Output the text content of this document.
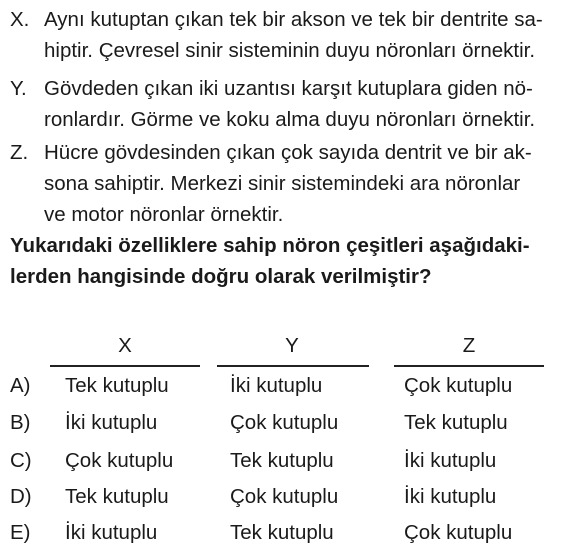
X. Aynı kutuptan çıkan tek bir akson ve tek bir dentrite sa-
hiptir. Çevresel sinir sisteminin duyu nöronları örnektir.
Y. Gövdeden çıkan iki uzantısı karşıt kutuplara giden nö-
ronlardır. Görme ve koku alma duyu nöronları örnektir.
Z. Hücre gövdesinden çıkan çok sayıda dentrit ve bir ak-
sona sahiptir. Merkezi sinir sistemindeki ara nöronlar
ve motor nöronlar örnektir.
Yukarıdaki özelliklere sahip nöron çeşitleri aşağıdaki-
lerden hangisinde doğru olarak verilmiştir?
X	Y	Z
A) Tek kutuplu	İki kutuplu	Çok kutuplu
B) İki kutuplu	Çok kutuplu	Tek kutuplu
C) Çok kutuplu	Tek kutuplu	İki kutuplu
D) Tek kutuplu	Çok kutuplu	İki kutuplu
E) İki kutuplu	Tek kutuplu	Çok kutuplu
